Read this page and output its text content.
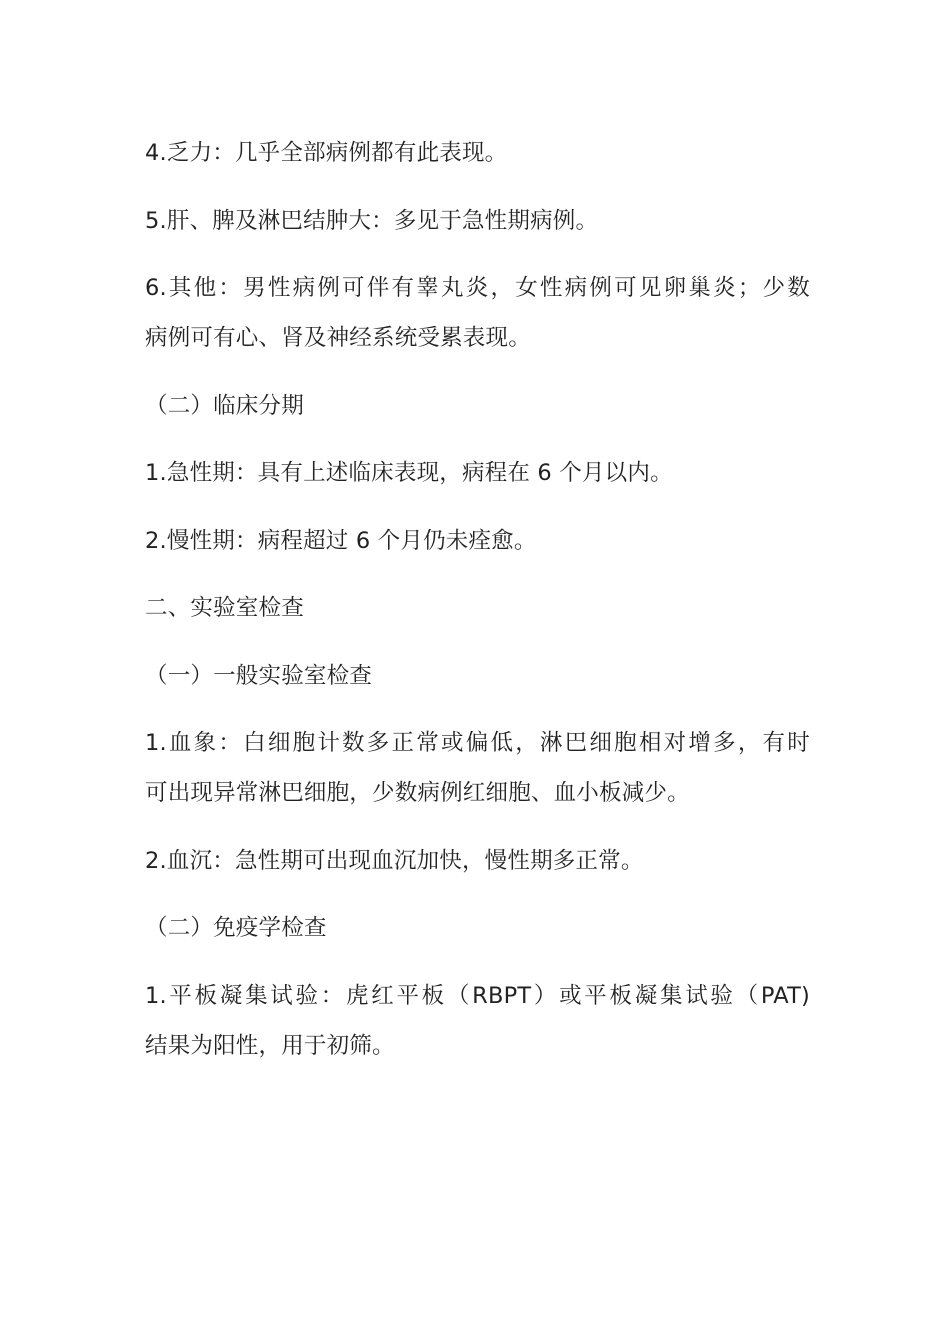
4.乏力：几乎全部病例都有此表现。

5.肝、脾及淋巴结肿大：多见于急性期病例。

6.其他：男性病例可伴有睾丸炎，女性病例可见卵巢炎；少数
病例可有心、肾及神经系统受累表现。

（二）临床分期

1.急性期：具有上述临床表现，病程在 6 个月以内。

2.慢性期：病程超过 6 个月仍未痊愈。

二、实验室检查

（一）一般实验室检查

1.血象：白细胞计数多正常或偏低，淋巴细胞相对增多，有时
可出现异常淋巴细胞，少数病例红细胞、血小板减少。

2.血沉：急性期可出现血沉加快，慢性期多正常。

（二）免疫学检查

1.平板凝集试验：虎红平板（RBPT）或平板凝集试验（PAT)
结果为阳性，用于初筛。
